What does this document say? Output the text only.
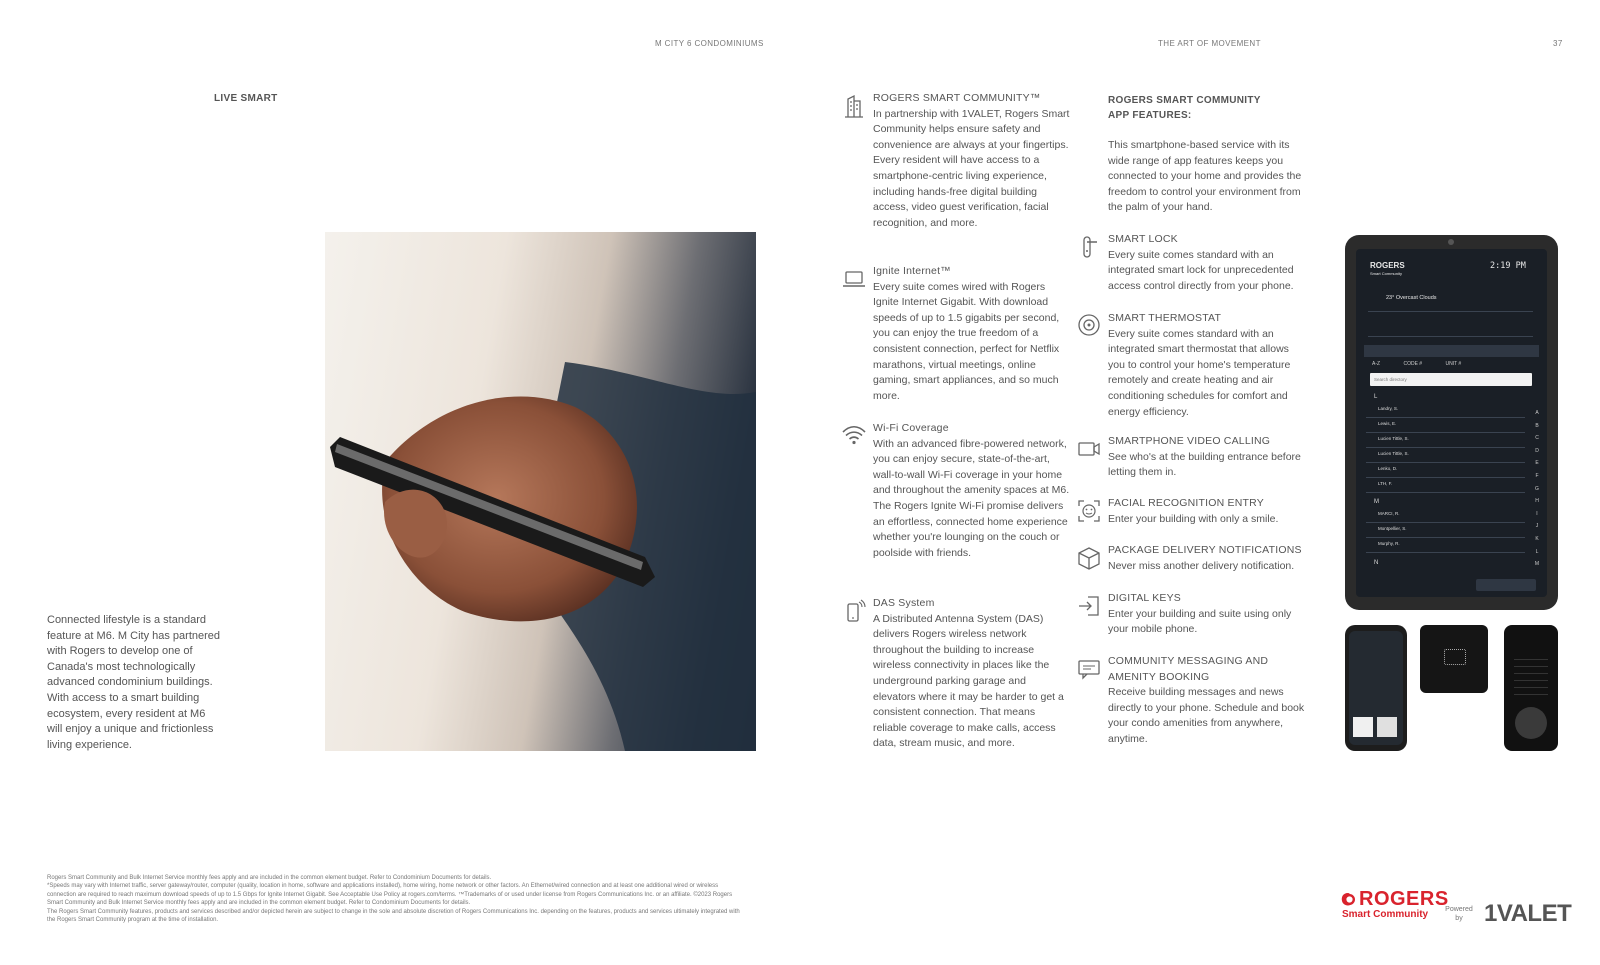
M CITY 6 CONDOMINIUMS	THE ART OF MOVEMENT	37
LIVE SMART
Connected lifestyle is a standard feature at M6. M City has partnered with Rogers to develop one of Canada's most technologically advanced condominium buildings. With access to a smart building ecosystem, every resident at M6 will enjoy a unique and frictionless living experience.
ROGERS SMART COMMUNITY™
In partnership with 1VALET, Rogers Smart Community helps ensure safety and convenience are always at your fingertips. Every resident will have access to a smartphone-centric living experience, including hands-free digital building access, video guest verification, facial recognition, and more.
Ignite Internet™
Every suite comes wired with Rogers Ignite Internet Gigabit. With download speeds of up to 1.5 gigabits per second, you can enjoy the true freedom of a consistent connection, perfect for Netflix marathons, virtual meetings, online gaming, smart appliances, and so much more.
Wi-Fi Coverage
With an advanced fibre-powered network, you can enjoy secure, state-of-the-art, wall-to-wall Wi-Fi coverage in your home and throughout the amenity spaces at M6. The Rogers Ignite Wi-Fi promise delivers an effortless, connected home experience whether you're lounging on the couch or poolside with friends.
DAS System
A Distributed Antenna System (DAS) delivers Rogers wireless network throughout the building to increase wireless connectivity in places like the underground parking garage and elevators where it may be harder to get a consistent connection. That means reliable coverage to make calls, access data, stream music, and more.
ROGERS SMART COMMUNITY APP FEATURES:
This smartphone-based service with its wide range of app features keeps you connected to your home and provides the freedom to control your environment from the palm of your hand.
SMART LOCK
Every suite comes standard with an integrated smart lock for unprecedented access control directly from your phone.
SMART THERMOSTAT
Every suite comes standard with an integrated smart thermostat that allows you to control your home's temperature remotely and create heating and air conditioning schedules for comfort and energy efficiency.
SMARTPHONE VIDEO CALLING
See who's at the building entrance before letting them in.
FACIAL RECOGNITION ENTRY
Enter your building with only a smile.
PACKAGE DELIVERY NOTIFICATIONS
Never miss another delivery notification.
DIGITAL KEYS
Enter your building and suite using only your mobile phone.
COMMUNITY MESSAGING AND AMENITY BOOKING
Receive building messages and news directly to your phone. Schedule and book your condo amenities from anywhere, anytime.
ROGERS
Smart Community
2:19 PM
23° Overcast Clouds
A-Z	CODE #	UNIT #
Search directory
L
Landry, S.
Lewis, E.
Lucien Tittle, S.
Lucien Tittle, S.
Lenko, D.
LTH, F.
M
MARCI, R.
Montpellier, S.
Murphy, R.
N
A
B
C
D
E
F
G
H
I
J
K
L
M
Rogers Smart Community and Bulk Internet Service monthly fees apply and are included in the common element budget. Refer to Condominium Documents for details.
*Speeds may vary with Internet traffic, server gateway/router, computer (quality, location in home, software and applications installed), home wiring, home network or other factors. An Ethernet/wired connection and at least one additional wired or wireless connection are required to reach maximum download speeds of up to 1.5 Gbps for Ignite Internet Gigabit. See Acceptable Use Policy at rogers.com/terms. ™Trademarks of or used under license from Rogers Communications Inc. or an affiliate. ©2023 Rogers Smart Community and Bulk Internet Service monthly fees apply and are included in the common element budget. Refer to Condominium Documents for details.
The Rogers Smart Community features, products and services described and/or depicted herein are subject to change in the sole and absolute discretion of Rogers Communications Inc. depending on the features, products and services ultimately integrated with the Rogers Smart Community program at the time of installation.
ROGERS
Smart Community	Powered by 1VALET
